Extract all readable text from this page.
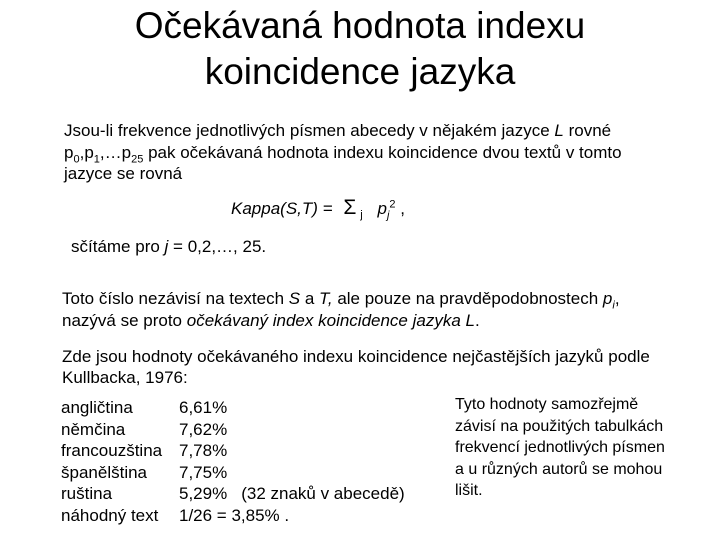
Očekávaná hodnota indexu
koincidence jazyka
Jsou-li frekvence jednotlivých písmen abecedy v nějakém jazyce L rovné
$p_0,p_1,\dots p_{25}$ pak očekávaná hodnota indexu koincidence dvou textů v tomto
jazyce se rovná
Kappa(S,T) = Σ $_j$ $p_j^2$ ,
sčítáme pro j = 0,2,…, 25.
Toto číslo nezávisí na textech S a T, ale pouze na pravděpodobnostech $p_i$,
nazývá se proto očekávaný index koincidence jazyka L.
Zde jsou hodnoty očekávaného indexu koincidence nejčastějších jazyků podle
Kullbacka, 1976:
angličtina
němčina
francouzština
španělština
ruština
náhodný text
6,61%
7,62%
7,78%
7,75%
5,29% (32 znaků v abecedě)
1/26 = 3,85% .
Tyto hodnoty samozřejmě
závisí na použitých tabulkách
frekvencí jednotlivých písmen
a u různých autorů se mohou
lišit.
